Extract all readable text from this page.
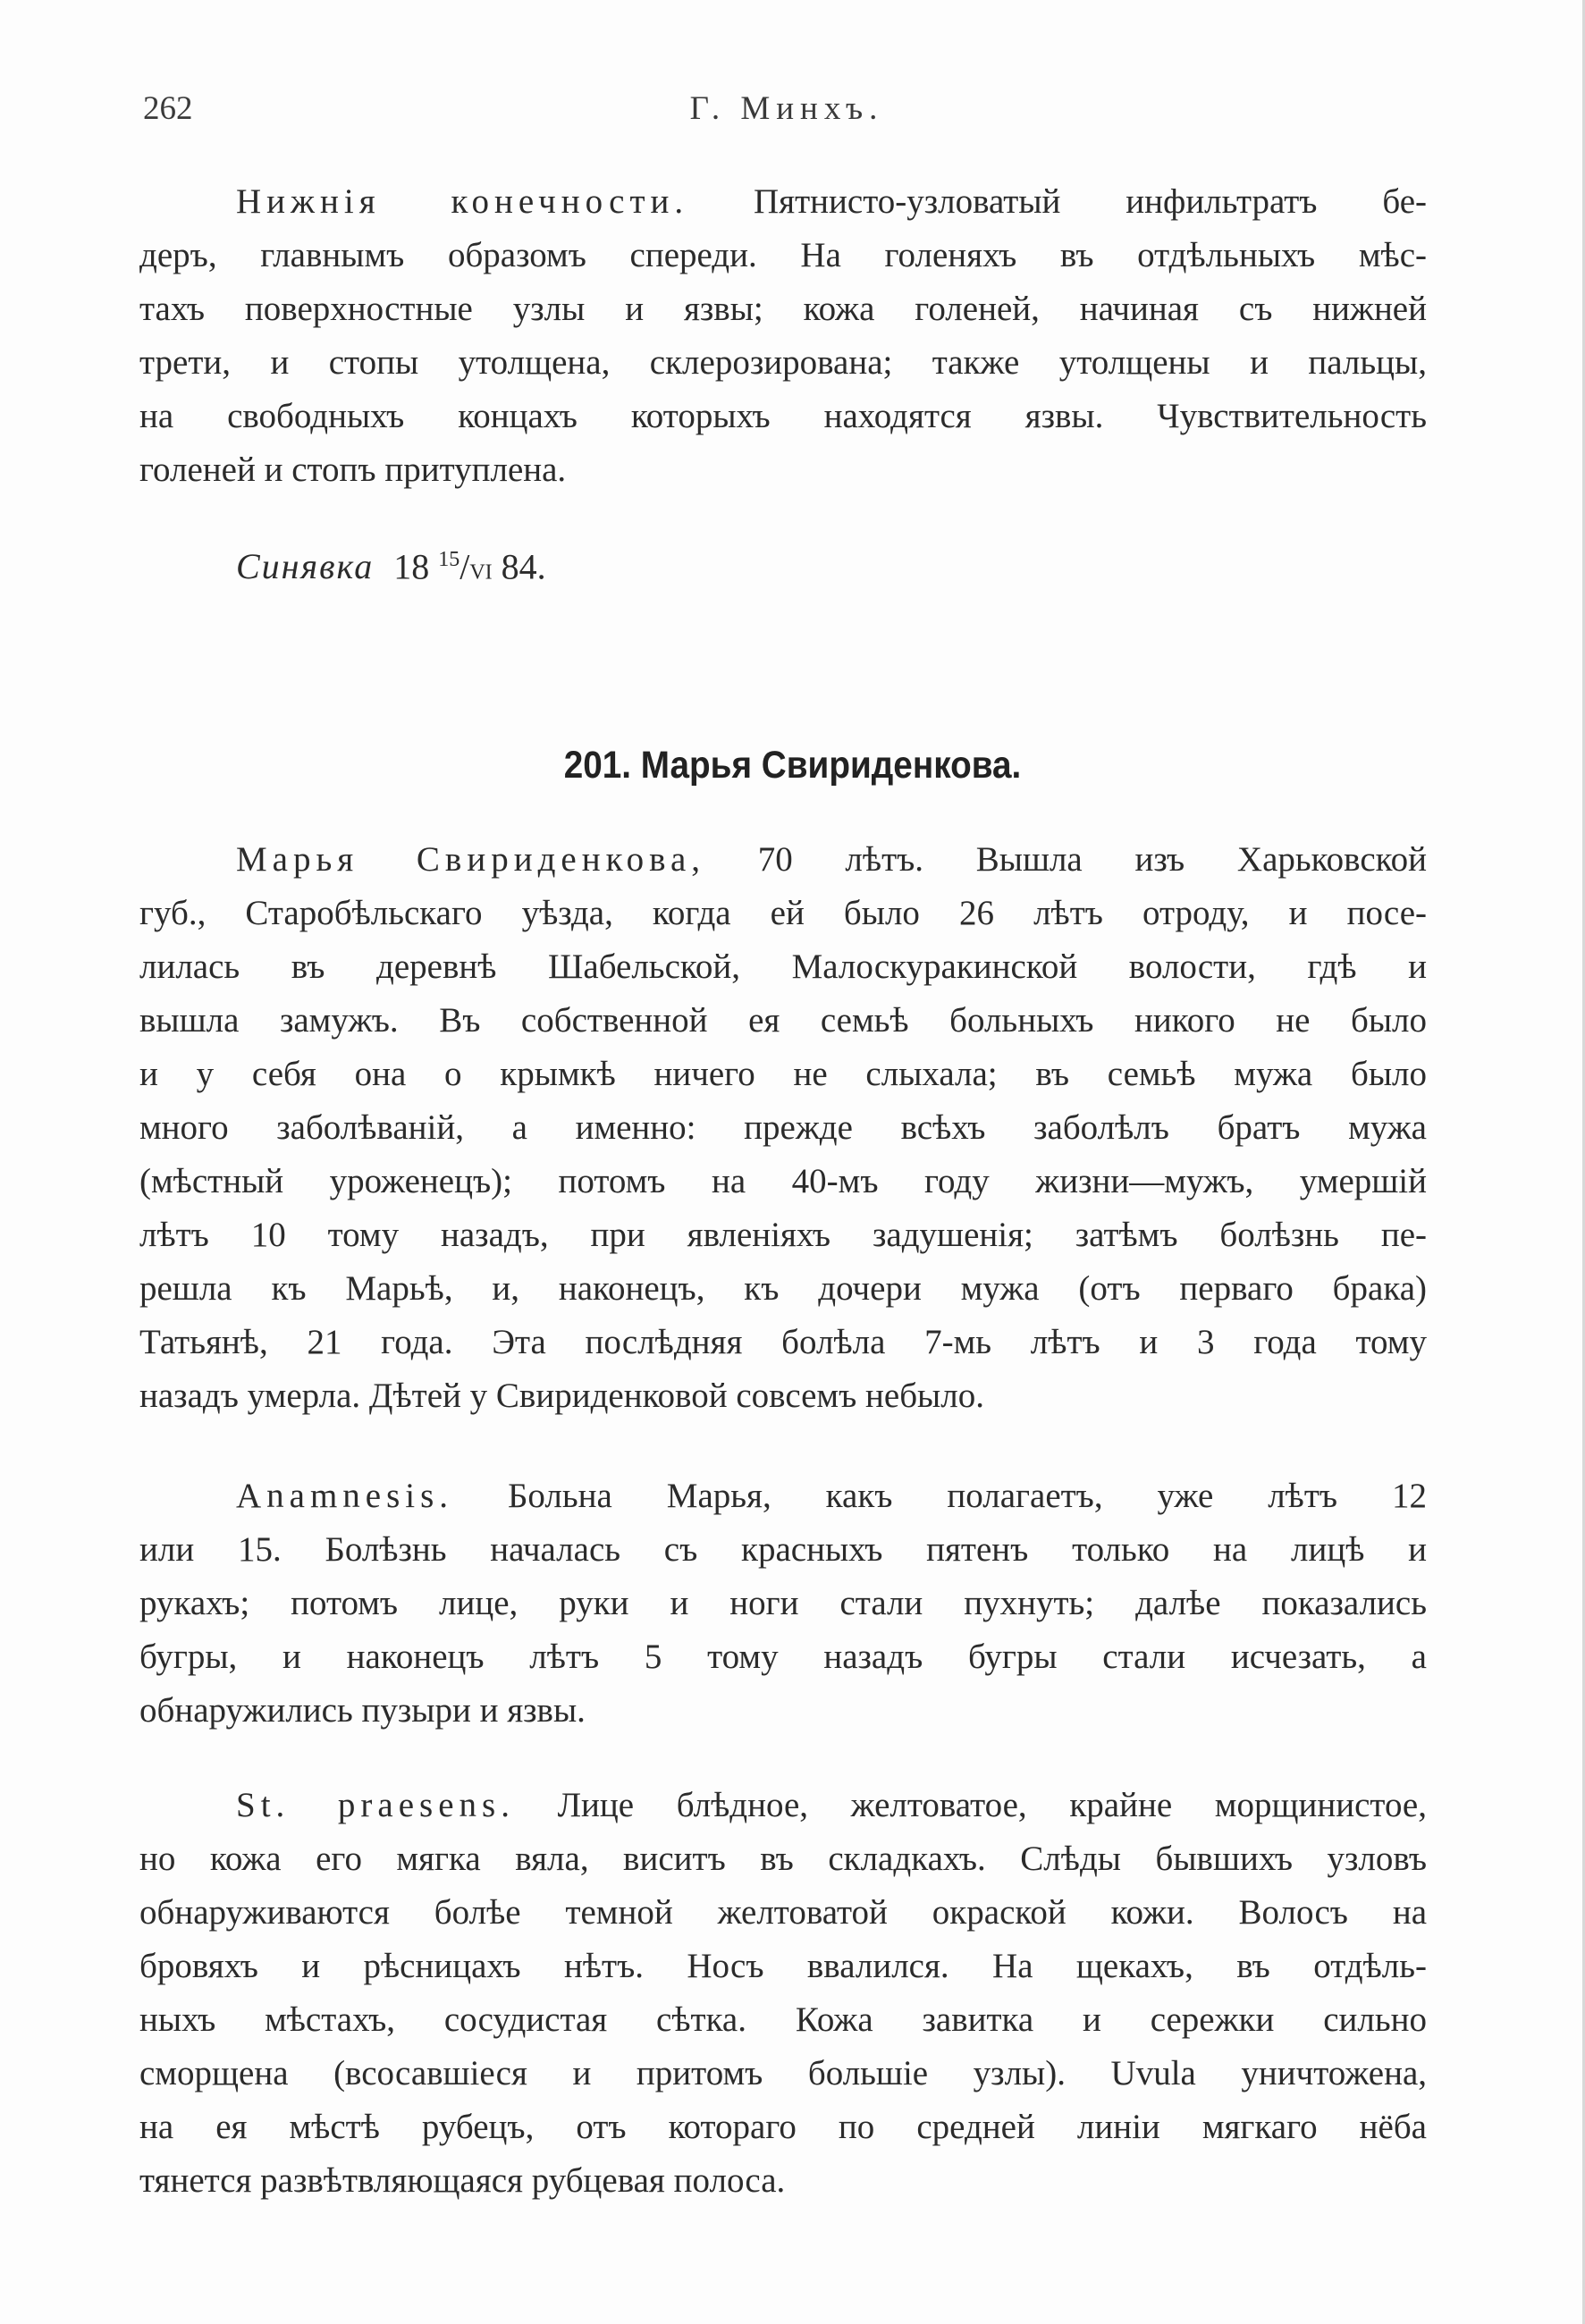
262	Г. Минхъ.
Нижнія конечности. Пятнисто-узловатый инфильтратъ бе-
деръ, главнымъ образомъ спереди. На голеняхъ въ отдѣльныхъ мѣс-
тахъ поверхностные узлы и язвы; кожа голеней, начиная съ нижней
трети, и стопы утолщена, склерозирована; также утолщены и пальцы,
на свободныхъ концахъ которыхъ находятся язвы. Чувствительность
голеней и стопъ притуплена.
Синявка 18 $^{15}$/VI 84.
201. Марья Свириденкова.
Марья Свириденкова, 70 лѣтъ. Вышла изъ Харьковской
губ., Старобѣльскаго уѣзда, когда ей было 26 лѣтъ отроду, и посе-
лилась въ деревнѣ Шабельской, Малоскуракинской волости, гдѣ и
вышла замужъ. Въ собственной ея семьѣ больныхъ никого не было
и у себя она о крымкѣ ничего не слыхала; въ семьѣ мужа было
много заболѣваній, а именно: прежде всѣхъ заболѣлъ братъ мужа
(мѣстный уроженецъ); потомъ на 40-мъ году жизни—мужъ, умершій
лѣтъ 10 тому назадъ, при явленіяхъ задушенія; затѣмъ болѣзнь пе-
решла къ Марьѣ, и, наконецъ, къ дочери мужа (отъ перваго брака)
Татьянѣ, 21 года. Эта послѣдняя болѣла 7-мь лѣтъ и 3 года тому
назадъ умерла. Дѣтей у Свириденковой совсемъ небыло.
Anamnesis. Больна Марья, какъ полагаетъ, уже лѣтъ 12
или 15. Болѣзнь началась съ красныхъ пятенъ только на лицѣ и
рукахъ; потомъ лице, руки и ноги стали пухнуть; далѣе показались
бугры, и наконецъ лѣтъ 5 тому назадъ бугры стали исчезать, а
обнаружились пузыри и язвы.
St. praesens. Лице блѣдное, желтоватое, крайне морщинистое,
но кожа его мягка вяла, виситъ въ складкахъ. Слѣды бывшихъ узловъ
обнаруживаются болѣе темной желтоватой окраской кожи. Волосъ на
бровяхъ и рѣсницахъ нѣтъ. Носъ ввалился. На щекахъ, въ отдѣль-
ныхъ мѣстахъ, сосудистая сѣтка. Кожа завитка и сережки сильно
сморщена (всосавшіеся и притомъ большіе узлы). Uvula уничтожена,
на ея мѣстѣ рубецъ, отъ котораго по средней линіи мягкаго нёба
тянется развѣтвляющаяся рубцевая полоса.
